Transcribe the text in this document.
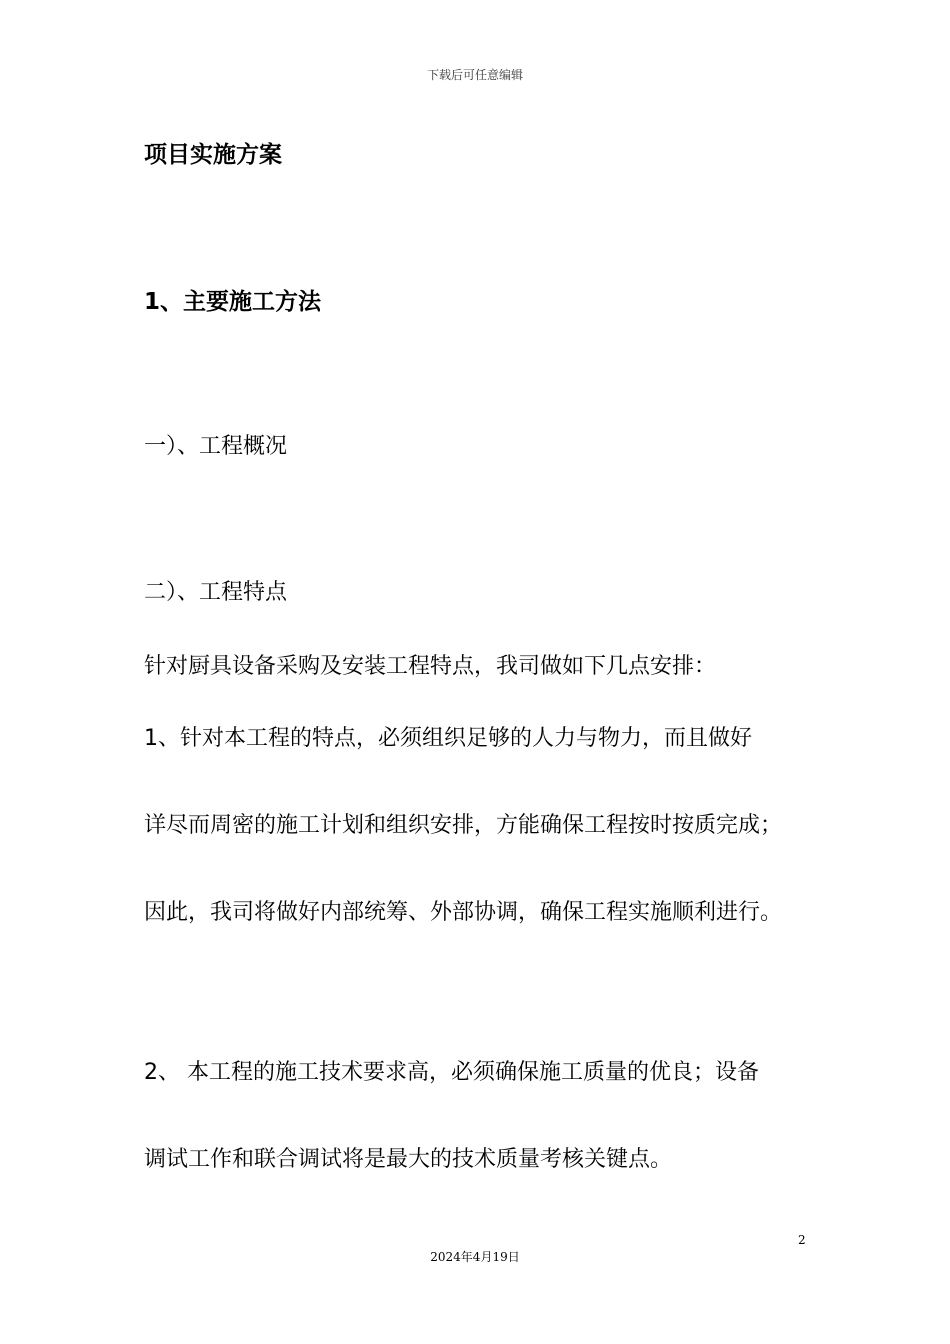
下载后可任意编辑
项目实施方案
1、主要施工方法
一）、工程概况
二）、工程特点
针对厨具设备采购及安装工程特点，我司做如下几点安排：
1、针对本工程的特点，必须组织足够的人力与物力，而且做好
详尽而周密的施工计划和组织安排，方能确保工程按时按质完成；
因此，我司将做好内部统筹、外部协调，确保工程实施顺利进行。
2、 本工程的施工技术要求高，必须确保施工质量的优良；设备
调试工作和联合调试将是最大的技术质量考核关键点。
2
2024年4月19日
